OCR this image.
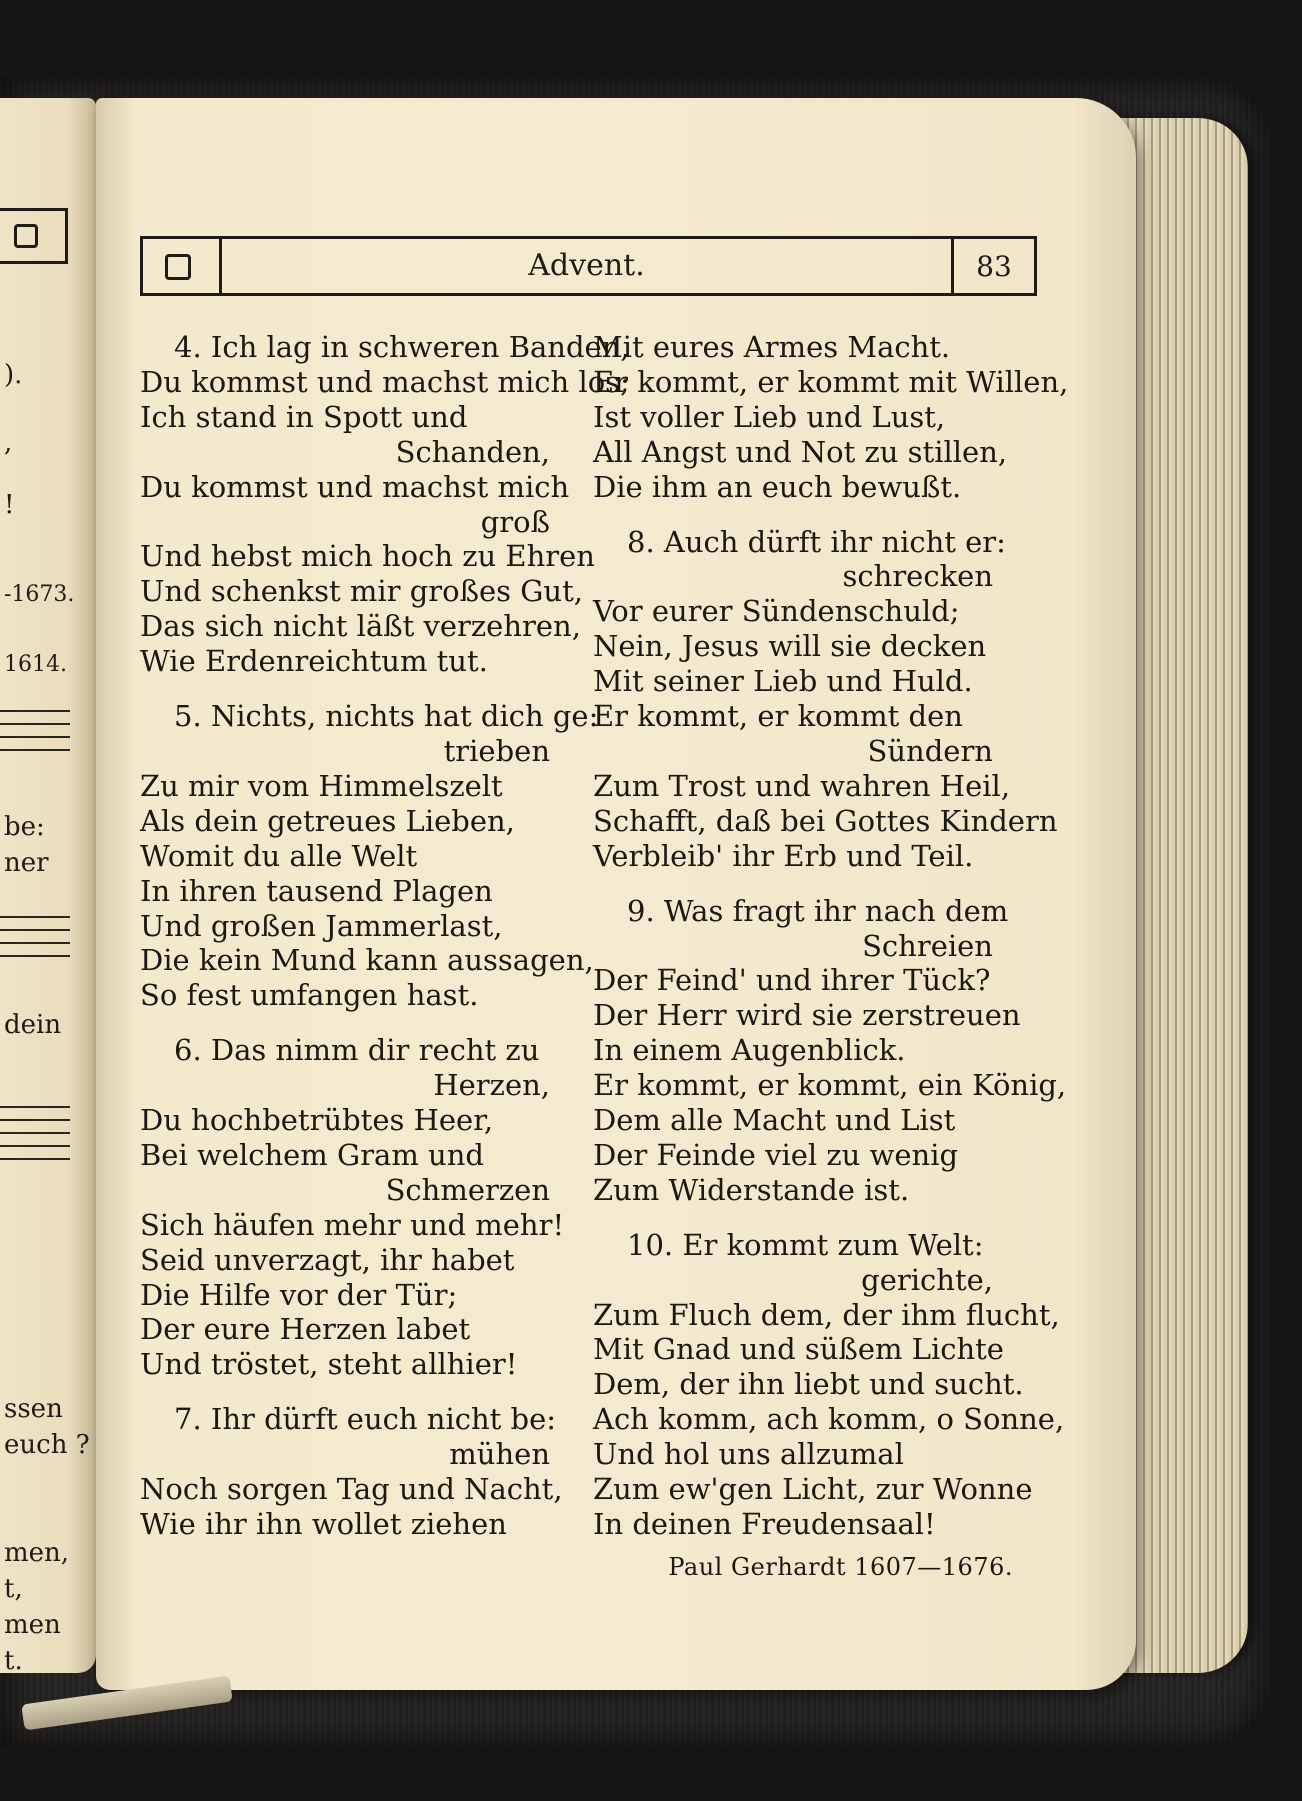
).
,
!
-1673.
1614.
be:
ner
dein
ssen
euch ?
men,
t,
men
t.
Advent.	83
4. Ich lag in schweren Banden,
Du kommst und machst mich los;
Ich stand in Spott und
Schanden,
Du kommst und machst mich
groß
Und hebst mich hoch zu Ehren
Und schenkst mir großes Gut,
Das sich nicht läßt verzehren,
Wie Erdenreichtum tut.
5. Nichts, nichts hat dich ge:
trieben
Zu mir vom Himmelszelt
Als dein getreues Lieben,
Womit du alle Welt
In ihren tausend Plagen
Und großen Jammerlast,
Die kein Mund kann aussagen,
So fest umfangen hast.
6. Das nimm dir recht zu
Herzen,
Du hochbetrübtes Heer,
Bei welchem Gram und
Schmerzen
Sich häufen mehr und mehr!
Seid unverzagt, ihr habet
Die Hilfe vor der Tür;
Der eure Herzen labet
Und tröstet, steht allhier!
7. Ihr dürft euch nicht be:
mühen
Noch sorgen Tag und Nacht,
Wie ihr ihn wollet ziehen
Mit eures Armes Macht.
Er kommt, er kommt mit Willen,
Ist voller Lieb und Lust,
All Angst und Not zu stillen,
Die ihm an euch bewußt.
8. Auch dürft ihr nicht er:
schrecken
Vor eurer Sündenschuld;
Nein, Jesus will sie decken
Mit seiner Lieb und Huld.
Er kommt, er kommt den
Sündern
Zum Trost und wahren Heil,
Schafft, daß bei Gottes Kindern
Verbleib' ihr Erb und Teil.
9. Was fragt ihr nach dem
Schreien
Der Feind' und ihrer Tück?
Der Herr wird sie zerstreuen
In einem Augenblick.
Er kommt, er kommt, ein König,
Dem alle Macht und List
Der Feinde viel zu wenig
Zum Widerstande ist.
10. Er kommt zum Welt:
gerichte,
Zum Fluch dem, der ihm flucht,
Mit Gnad und süßem Lichte
Dem, der ihn liebt und sucht.
Ach komm, ach komm, o Sonne,
Und hol uns allzumal
Zum ew'gen Licht, zur Wonne
In deinen Freudensaal!
Paul Gerhardt 1607—1676.
